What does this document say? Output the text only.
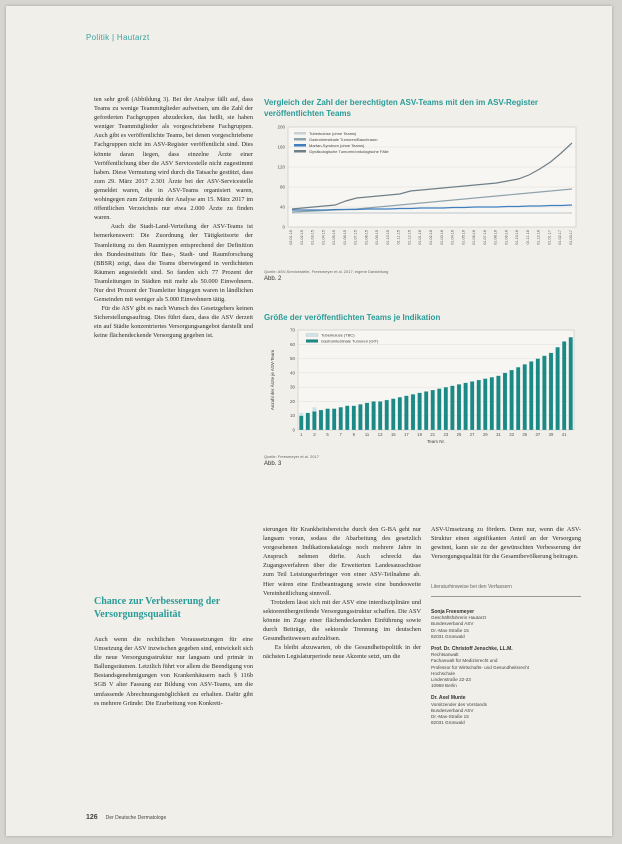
Politik | Hautarzt

ten sehr groß (Abbildung 3). Bei der Analyse fällt auf, dass Teams zu wenige Teammitglieder aufweisen, um die Zahl der geforderten Fachgruppen abzudecken, das heißt, sie haben weniger Teammitglieder als vorgeschriebene Fachgruppen. Auch gibt es veröffentlichte Teams, bei denen vorgeschriebene Fachgruppen nicht im ASV-Register veröffentlicht sind. Dies könnte daran liegen, dass einzelne Ärzte einer Veröffentlichung über die ASV Servicestelle nicht zugestimmt haben. Diese Vermutung wird durch die Tatsache gestützt, dass zum 29. März 2017 2.301 Ärzte bei der ASV-Servicestelle gemeldet waren, die in ASV-Teams organisiert waren, wohingegen zum Zeitpunkt der Analyse am 15. März 2017 im öffentlichen Verzeichnis nur etwa 2.000 Ärzte zu finden waren.
Auch die Stadt-Land-Verteilung der ASV-Teams ist bemerkenswert: Die Zuordnung der Tätigkeitsorte der Teamleitung zu den Raumtypen entsprechend der Definition des Bundesinstituts für Bau-, Stadt- und Raumforschung (BBSR) zeigt, dass die Teams überwiegend in verdichteten Räumen angesiedelt sind. So fanden sich 77 Prozent der Teamleitungen in Städten mit mehr als 50.000 Einwohnern. Nur drei Prozent der Teamleiter hingegen waren in ländlichen Gemeinden mit weniger als 5.000 Einwohnern tätig.
Für die ASV gibt es nach Wunsch des Gesetzgebers keinen Sicherstellungsauftrag. Dies führt dazu, dass die ASV derzeit ein auf Städte konzentriertes Versorgungsangebot darstellt und keine flächendeckende Versorgung gegeben ist.

Chance zur Verbesserung der Versorgungsqualität

Auch wenn die rechtlichen Voraussetzungen für eine Umsetzung der ASV inzwischen gegeben sind, entwickelt sich die neue Versorgungsstruktur nur langsam und primär in Ballungsräumen. Letztlich führt vor allem die Beendigung von Bestandsgenehmigungen von Krankenhäusern nach § 116b SGB V alter Fassung zur Bildung von ASV-Teams, um die umfassende Abrechnungsmöglichkeit zu erhalten. Dafür gibt es mehrere Gründe: Die Erarbeitung von Konkreti-

sierungen für Krankheitsbereiche durch den G-BA geht nur langsam voran, sodass die Abarbeitung des gesetzlich vorgesehenen Indikationskatalogs noch mehrere Jahre in Anspruch nehmen dürfte. Auch schreckt das Zugangsverfahren über die Erweiterten Landesausschüsse zum Teil Leistungserbringer von einer ASV-Teilnahme ab. Hier wären eine Erstbeantragung sowie eine bundesweite Vereinheitlichung sinnvoll.
Trotzdem lässt sich mit der ASV eine interdisziplinäre und sektorenübergreifende Versorgungsstruktur schaffen. Die ASV könnte im Zuge einer flächendeckenden Einführung sowie durch Beiträge, die sektorale Trennung im deutschen Gesundheitswesen aufzulösen.
Es bleibt abzuwarten, ob die Gesundheitspolitik in der nächsten Legislaturperiode neue Akzente setzt, um die

ASV-Umsetzung zu fördern. Denn nur, wenn die ASV-Struktur einen signifikanten Anteil an der Versorgung gewinnt, kann sie zu der gewünschten Verbesserung der Versorgungsqualität für die Gesamtbevölkerung beitragen.

Literaturhinweise bei den Verfassern
Sonja Freesmeyer
Geschäftsführerin Hautarzt
Bundesverband ASV
Dr.-Max-Straße 15
82031 Grünwald
Prof. Dr. Christoff Jenschke, LL.M.
Rechtsanwalt
Fachanwalt für Medizinrecht und
Professor für Wirtschafts- und Gesundheitsrecht
Hochschule
Lindenstraße 22-23
10969 Berlin
Dr. Axel Munte
Vorsitzender des Vorstands
Bundesverband ASV
Dr.-Max-Straße 15
82031 Grünwald
Vergleich der Zahl der berechtigten ASV-Teams mit den im ASV-Register veröffentlichten Teams
0
40
80
120
160
200
02.01.15 01.02.15 01.03.15 01.04.15 01.05.15 01.06.15 01.07.15 01.08.15 01.09.15 01.10.15 01.11.15 01.12.15 01.01.16 01.02.16 01.03.16 01.04.16 01.05.16 01.06.16 01.07.16 01.08.16 01.09.16 01.10.16 01.11.16 01.12.16 01.01.17 01.02.17 01.03.17
Tuberkulose (ohne Teams)
Gastrointestinale Tumoren/Bauchraum
Marfan-Syndrom (ohne Teams)
Gynäkologische Tumoren/onkologische Fälle
Quelle: ASV-Servicestelle, Freesmeyer et al. 2017; eigene Darstellung
Abb. 2
Größe der veröffentlichten Teams je Indikation
0
10
20
30
40
50
60
70
1	3	5	7	9 11 13 15 17 19 21 23 25 27 29 31 33 35 37 39 41
Team Nr.
Anzahl der Ärzte je ASV-Team
Tuberkulose (TBC)
Gastrointestinale Tumoren (GIT)
Quelle: Freesmeyer et al. 2017
Abb. 3
126 Der Deutsche Dermatologe
